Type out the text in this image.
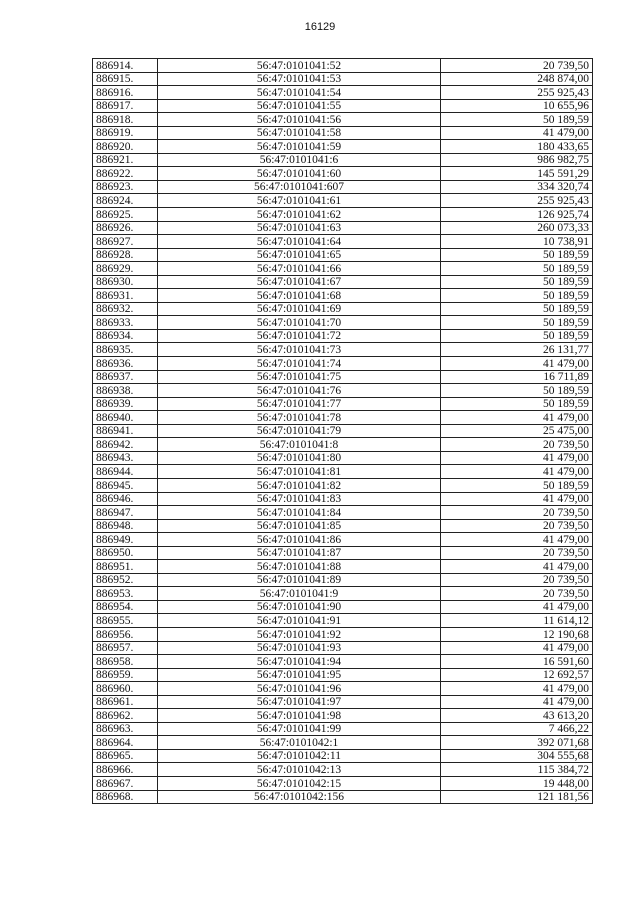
16129
886914.	56:47:0101041:52	20 739,50
886915.	56:47:0101041:53	248 874,00
886916.	56:47:0101041:54	255 925,43
886917.	56:47:0101041:55	10 655,96
886918.	56:47:0101041:56	50 189,59
886919.	56:47:0101041:58	41 479,00
886920.	56:47:0101041:59	180 433,65
886921.	56:47:0101041:6	986 982,75
886922.	56:47:0101041:60	145 591,29
886923.	56:47:0101041:607	334 320,74
886924.	56:47:0101041:61	255 925,43
886925.	56:47:0101041:62	126 925,74
886926.	56:47:0101041:63	260 073,33
886927.	56:47:0101041:64	10 738,91
886928.	56:47:0101041:65	50 189,59
886929.	56:47:0101041:66	50 189,59
886930.	56:47:0101041:67	50 189,59
886931.	56:47:0101041:68	50 189,59
886932.	56:47:0101041:69	50 189,59
886933.	56:47:0101041:70	50 189,59
886934.	56:47:0101041:72	50 189,59
886935.	56:47:0101041:73	26 131,77
886936.	56:47:0101041:74	41 479,00
886937.	56:47:0101041:75	16 711,89
886938.	56:47:0101041:76	50 189,59
886939.	56:47:0101041:77	50 189,59
886940.	56:47:0101041:78	41 479,00
886941.	56:47:0101041:79	25 475,00
886942.	56:47:0101041:8	20 739,50
886943.	56:47:0101041:80	41 479,00
886944.	56:47:0101041:81	41 479,00
886945.	56:47:0101041:82	50 189,59
886946.	56:47:0101041:83	41 479,00
886947.	56:47:0101041:84	20 739,50
886948.	56:47:0101041:85	20 739,50
886949.	56:47:0101041:86	41 479,00
886950.	56:47:0101041:87	20 739,50
886951.	56:47:0101041:88	41 479,00
886952.	56:47:0101041:89	20 739,50
886953.	56:47:0101041:9	20 739,50
886954.	56:47:0101041:90	41 479,00
886955.	56:47:0101041:91	11 614,12
886956.	56:47:0101041:92	12 190,68
886957.	56:47:0101041:93	41 479,00
886958.	56:47:0101041:94	16 591,60
886959.	56:47:0101041:95	12 692,57
886960.	56:47:0101041:96	41 479,00
886961.	56:47:0101041:97	41 479,00
886962.	56:47:0101041:98	43 613,20
886963.	56:47:0101041:99	7 466,22
886964.	56:47:0101042:1	392 071,68
886965.	56:47:0101042:11	304 555,68
886966.	56:47:0101042:13	115 384,72
886967.	56:47:0101042:15	19 448,00
886968.	56:47:0101042:156	121 181,56
